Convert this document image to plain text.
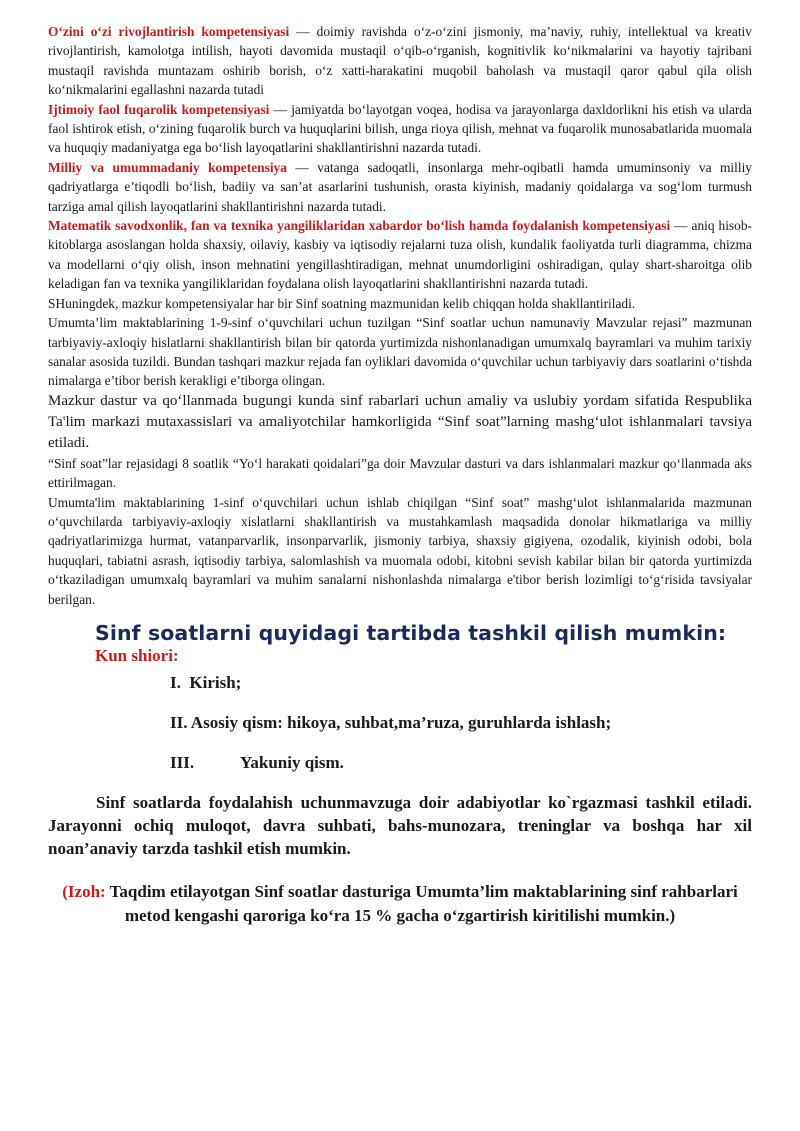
O‘zini o‘zi rivojlantirish kompetensiyasi — doimiy ravishda o‘z-o‘zini jismoniy, ma’naviy, ruhiy, intellektual va kreativ rivojlantirish, kamolotga intilish, hayoti davomida mustaqil o‘qib-o‘rganish, kognitivlik ko‘nikmalarini va hayotiy tajribani mustaqil ravishda muntazam oshirib borish, o‘z xatti-harakatini muqobil baholash va mustaqil qaror qabul qila olish ko‘nikmalarini egallashni nazarda tutadi

Ijtimoiy faol fuqarolik kompetensiyasi — jamiyatda bo‘layotgan voqea, hodisa va jarayonlarga daxldorlikni his etish va ularda faol ishtirok etish, o‘zining fuqarolik burch va huquqlarini bilish, unga rioya qilish, mehnat va fuqarolik munosabatlarida muomala va huquqiy madaniyatga ega bo‘lish layoqatlarini shakllantirishni nazarda tutadi.

Milliy va umummadaniy kompetensiya — vatanga sadoqatli, insonlarga mehr-oqibatli hamda umuminsoniy va milliy qadriyatlarga e’tiqodli bo‘lish, badiiy va san’at asarlarini tushunish, orasta kiyinish, madaniy qoidalarga va sog‘lom turmush tarziga amal qilish layoqatlarini shakllantirishni nazarda tutadi.

Matematik savodxonlik, fan va texnika yangiliklaridan xabardor bo‘lish hamda foydalanish kompetensiyasi — aniq hisob-kitoblarga asoslangan holda shaxsiy, oilaviy, kasbiy va iqtisodiy rejalarni tuza olish, kundalik faoliyatda turli diagramma, chizma va modellarni o‘qiy olish, inson mehnatini yengillashtiradigan, mehnat unumdorligini oshiradigan, qulay shart-sharoitga olib keladigan fan va texnika yangiliklaridan foydalana olish layoqatlarini shakllantirishni nazarda tutadi.

SHuningdek, mazkur kompetensiyalar har bir Sinf soatning mazmunidan kelib chiqqan holda shakllantiriladi.

Umumta’lim maktablarining 1-9-sinf o‘quvchilari uchun tuzilgan “Sinf soatlar uchun namunaviy Mavzular rejasi” mazmunan tarbiyaviy-axloqiy hislatlarni shakllantirish bilan bir qatorda yurtimizda nishonlanadigan umumxalq bayramlari va muhim tarixiy sanalar asosida tuzildi. Bundan tashqari mazkur rejada fan oyliklari davomida o‘quvchilar uchun tarbiyaviy dars soatlarini o‘tishda nimalarga e’tibor berish kerakligi e’tiborga olingan.

Mazkur dastur va qo‘llanmada bugungi kunda sinf rabarlari uchun amaliy va uslubiy yordam sifatida Respublika Ta'lim markazi mutaxassislari va amaliyotchilar hamkorligida “Sinf soat”larning mashg‘ulot ishlanmalari tavsiya etiladi.

“Sinf soat”lar rejasidagi 8 soatlik “Yo‘l harakati qoidalari”ga doir Mavzular dasturi va dars ishlanmalari mazkur qo‘llanmada aks ettirilmagan.

Umumta'lim maktablarining 1-sinf o‘quvchilari uchun ishlab chiqilgan “Sinf soat” mashg‘ulot ishlanmalarida mazmunan o‘quvchilarda tarbiyaviy-axloqiy xislatlarni shakllantirish va mustahkamlash maqsadida donolar hikmatlariga va milliy qadriyatlarimizga hurmat, vatanparvarlik, insonparvarlik, jismoniy tarbiya, shaxsiy gigiyena, ozodalik, kiyinish odobi, bola huquqlari, tabiatni asrash, iqtisodiy tarbiya, salomlashish va muomala odobi, kitobni sevish kabilar bilan bir qatorda yurtimizda o‘tkaziladigan umumxalq bayramlari va muhim sanalarni nishonlashda nimalarga e'tibor berish lozimligi to‘g‘risida tavsiyalar berilgan.

Sinf soatlarni quyidagi tartibda tashkil qilish mumkin:
Kun shiori:

I. Kirish;

II. Asosiy qism: hikoya, suhbat,ma’ruza, guruhlarda ishlash;

III.	Yakuniy qism.

Sinf soatlarda foydalahish uchunmavzuga doir adabiyotlar ko`rgazmasi tashkil etiladi. Jarayonni ochiq muloqot, davra suhbati, bahs-munozara, treninglar va boshqa har xil noan’anaviy tarzda tashkil etish mumkin.

(Izoh: Taqdim etilayotgan Sinf soatlar dasturiga Umumta’lim maktablarining sinf rahbarlari metod kengashi qaroriga ko‘ra 15 % gacha o‘zgartirish kiritilishi mumkin.)
